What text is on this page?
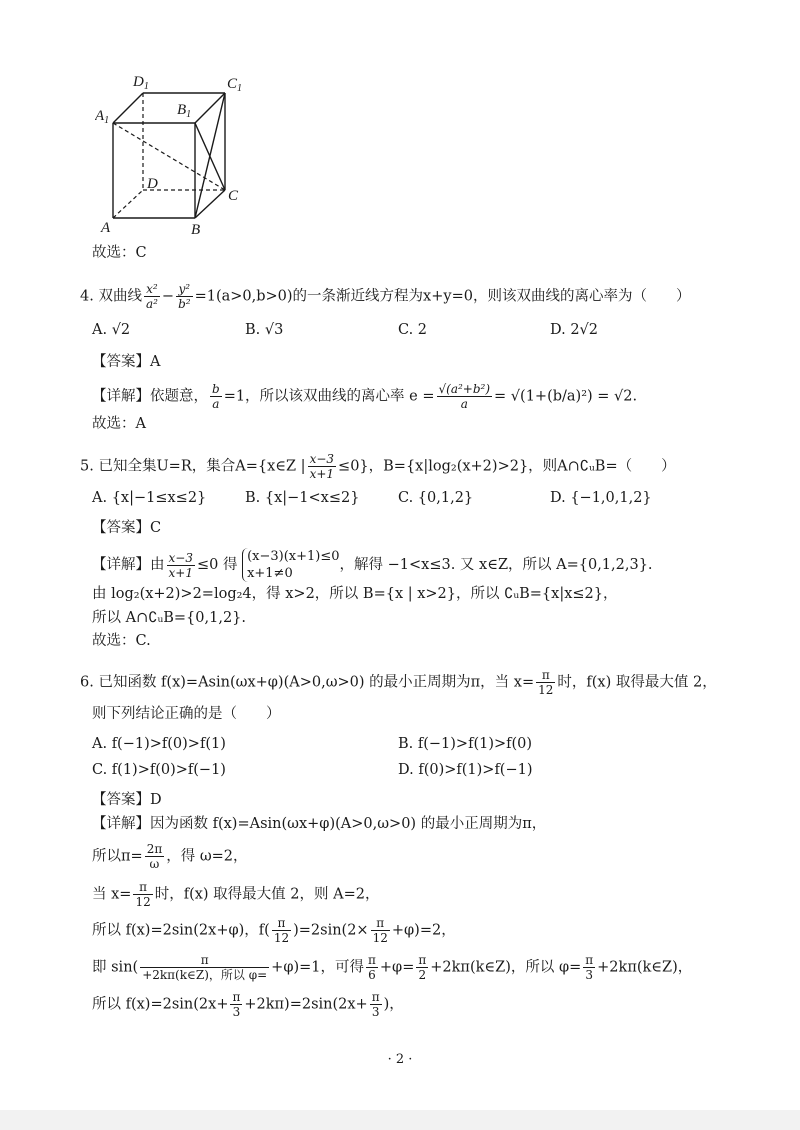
$D_1$	$C_1$
$A_1$
$B_1$
D
C
A	B
故选：C
4. 双曲线 $\frac{\text{x²}}{\text{a²}} - \frac{\text{y²}}{\text{b²}} =1(a>0,b>0)$的一条渐近线方程为x+y=0，则该双曲线的离心率为（　　）
A. √2	B. √3	C. 2	D. 2√2
【答案】A
【详解】依题意， $\frac{b}{a} =1$，所以该双曲线的离心率 $e = \frac{\text{√(a²+b²)}}{a} = √(1+(b/a)^2) = √2$.
故选：A
5. 已知全集U=R，集合A={x∈Z | $\frac{x-3}{x+1} \le 0$}，B={x|log₂(x+2)>2}，则A∩∁ᵤB=（　　）
A. {x|−1≤x≤2}	B. {x|−1<x≤2}	C. {0,1,2}	D. {−1,0,1,2}
【答案】C
【详解】由 $\frac{x-3}{x+1} \le 0$ 得
(x−3)(x+1)≤0
x+1≠0
，解得 −1<x≤3. 又 x∈Z，所以 A={0,1,2,3}.
由 log₂(x+2)>2=log₂4，得 x>2，所以 B={x | x>2}，所以 ∁ᵤB={x|x≤2}，
所以 A∩∁ᵤB={0,1,2}.
故选：C.
6. 已知函数 f(x)=Asin(ωx+φ)(A>0,ω>0) 的最小正周期为π，当 $x= \frac{\pi}{12}$ 时，f(x) 取得最大值 2，
则下列结论正确的是（　　）
A. f(−1)>f(0)>f(1)	B. f(−1)>f(1)>f(0)
C. f(1)>f(0)>f(−1)	D. f(0)>f(1)>f(−1)
【答案】D
【详解】因为函数 f(x)=Asin(ωx+φ)(A>0,ω>0) 的最小正周期为π，
所以$\pi= \frac{2\pi}{\omega}$ ，得 ω=2，
当 $x= \frac{\pi}{12}$ 时，f(x) 取得最大值 2，则 A=2，
所以 f(x)=2sin(2x+φ)，$f( \frac{\pi}{12} )=2\sin(2\times \frac{\pi}{12} +\varphi)=2$，
即 $\sin( \frac{\pi}{\text{+2kπ(k∈Z)，所以 φ=}} +\varphi)=1$，可得 $\frac{\pi}{6} +\varphi= \frac{\pi}{2}$ +2kπ(k∈Z)，所以 $\varphi= \frac{\pi}{3}$ +2kπ(k∈Z)，
所以 $f(x)=2\sin(2x+ \frac{\pi}{3} +2k\pi)=2\sin(2x+ \frac{\pi}{3}$ )，
· 2 ·
